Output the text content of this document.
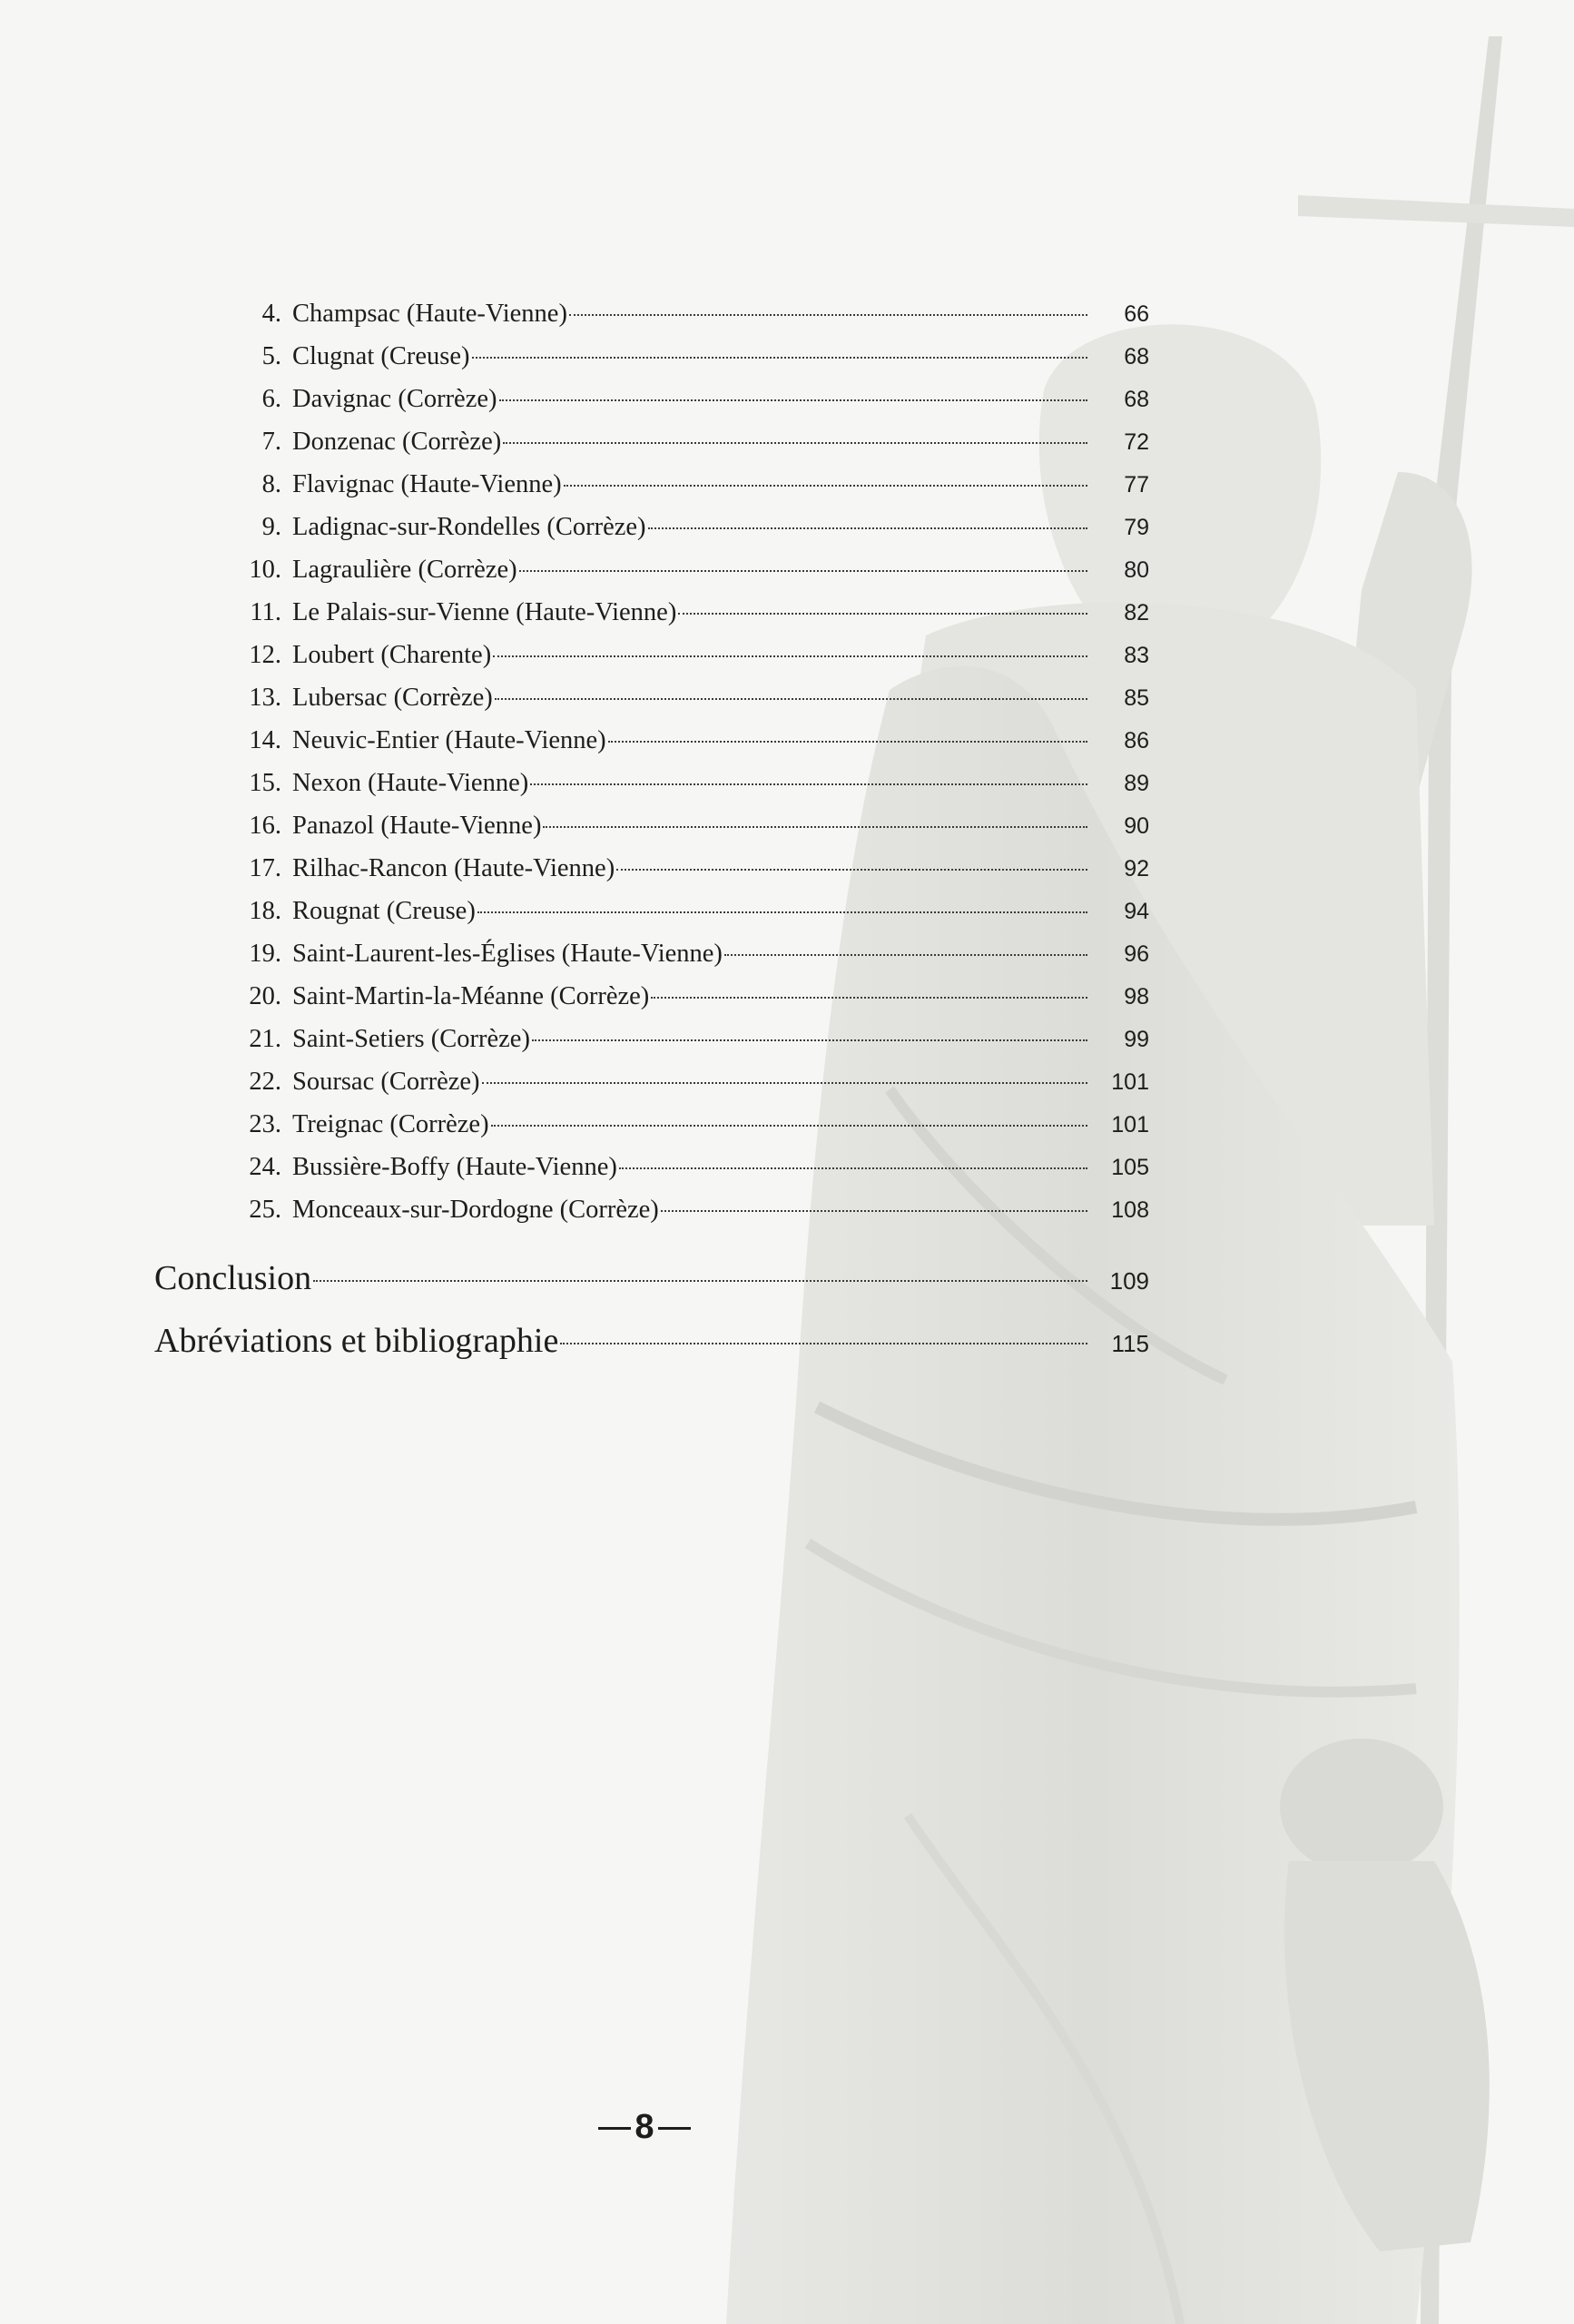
4. Champsac (Haute-Vienne)	66
5. Clugnat (Creuse)	68
6. Davignac (Corrèze)	68
7. Donzenac (Corrèze)	72
8. Flavignac (Haute-Vienne)	77
9. Ladignac-sur-Rondelles (Corrèze)	79
10. Lagraulière (Corrèze)	80
11. Le Palais-sur-Vienne (Haute-Vienne)	82
12. Loubert (Charente)	83
13. Lubersac (Corrèze)	85
14. Neuvic-Entier (Haute-Vienne)	86
15. Nexon (Haute-Vienne)	89
16. Panazol (Haute-Vienne)	90
17. Rilhac-Rancon (Haute-Vienne)	92
18. Rougnat (Creuse)	94
19. Saint-Laurent-les-Églises (Haute-Vienne)	96
20. Saint-Martin-la-Méanne (Corrèze)	98
21. Saint-Setiers (Corrèze)	99
22. Soursac (Corrèze)	101
23. Treignac (Corrèze)	101
24. Bussière-Boffy (Haute-Vienne)	105
25. Monceaux-sur-Dordogne (Corrèze)	108
Conclusion	109
Abréviations et bibliographie	115
8
